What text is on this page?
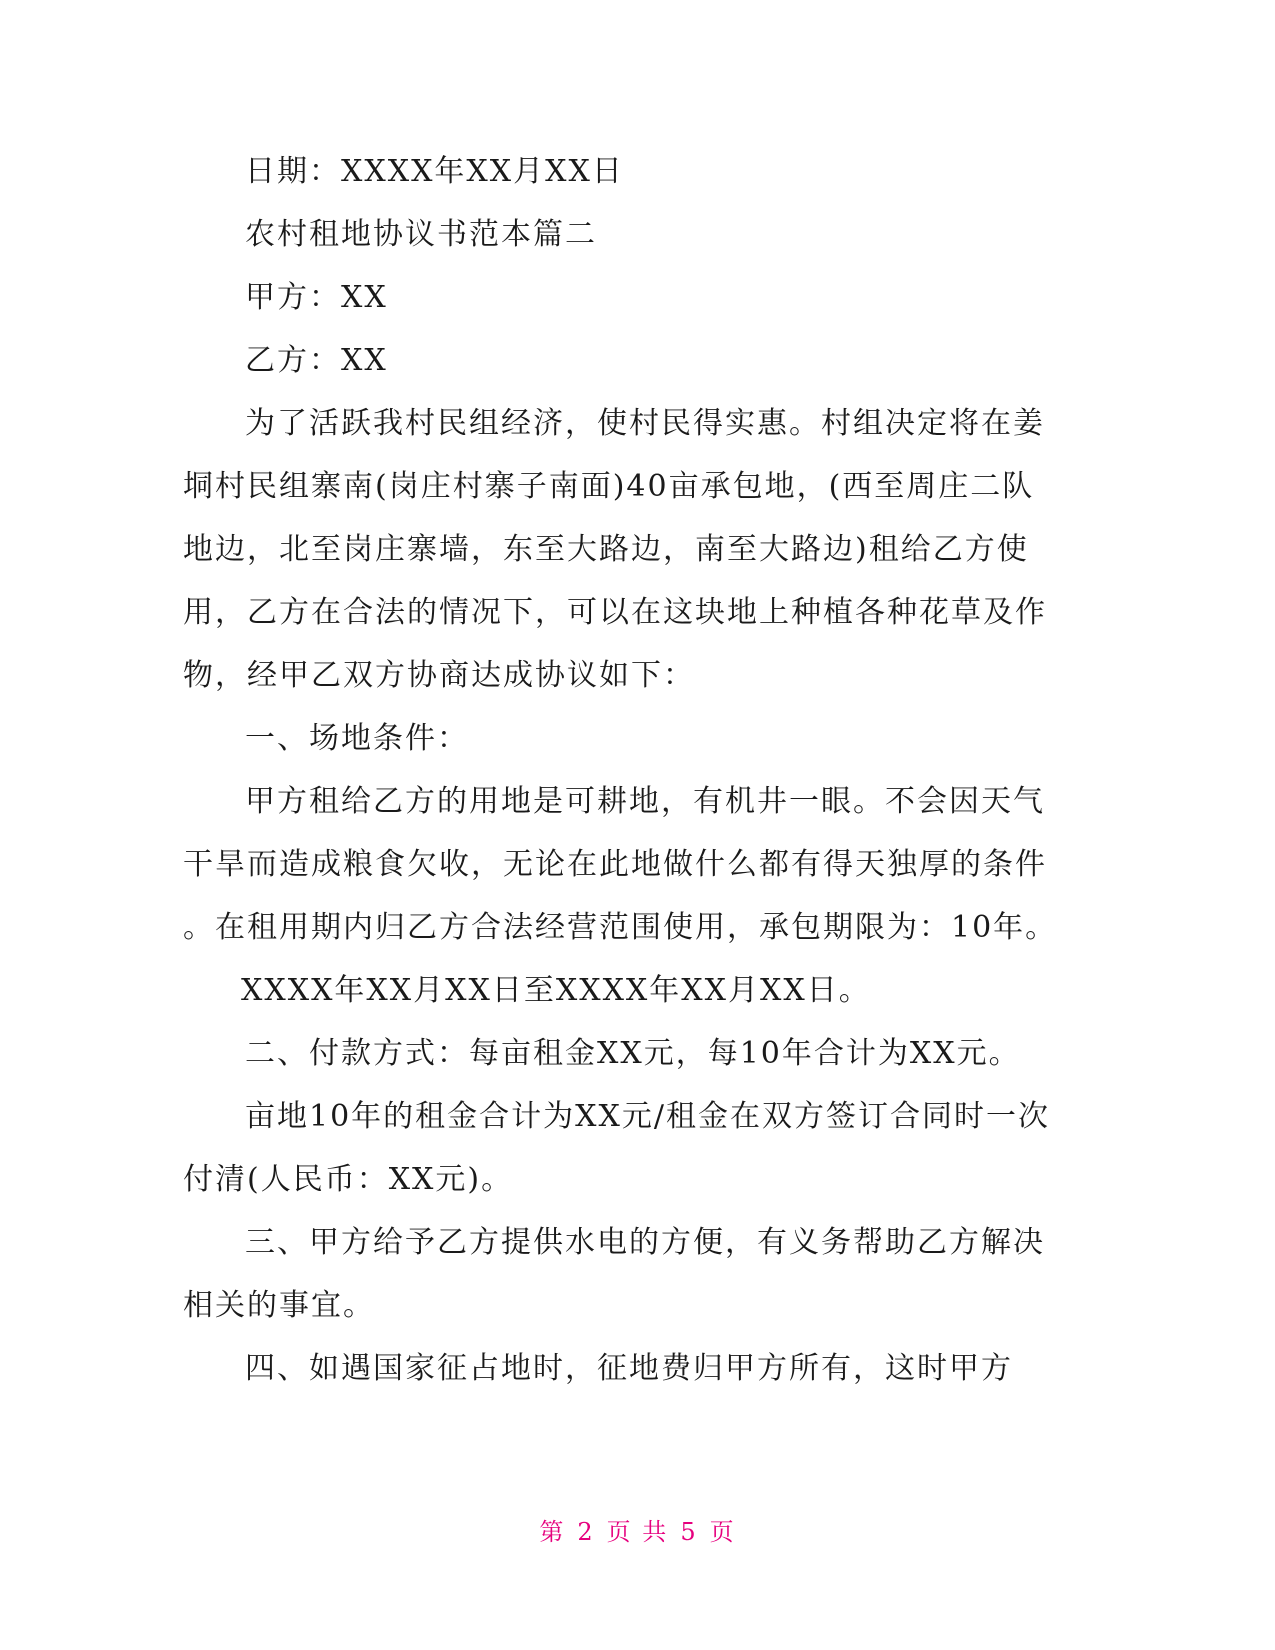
日期：XXXX年XX月XX日
农村租地协议书范本篇二
甲方：XX
乙方：XX
为了活跃我村民组经济，使村民得实惠。村组决定将在姜
垌村民组寨南(岗庄村寨子南面)40亩承包地，(西至周庄二队
地边，北至岗庄寨墙，东至大路边，南至大路边)租给乙方使
用，乙方在合法的情况下，可以在这块地上种植各种花草及作
物，经甲乙双方协商达成协议如下：
一、场地条件：
甲方租给乙方的用地是可耕地，有机井一眼。不会因天气
干旱而造成粮食欠收，无论在此地做什么都有得天独厚的条件
。在租用期内归乙方合法经营范围使用，承包期限为：10年。
XXXX年XX月XX日至XXXX年XX月XX日。
二、付款方式：每亩租金XX元，每10年合计为XX元。
亩地10年的租金合计为XX元/租金在双方签订合同时一次
付清(人民币：XX元)。
三、甲方给予乙方提供水电的方便，有义务帮助乙方解决
相关的事宜。
四、如遇国家征占地时，征地费归甲方所有，这时甲方
第 2 页 共 5 页
